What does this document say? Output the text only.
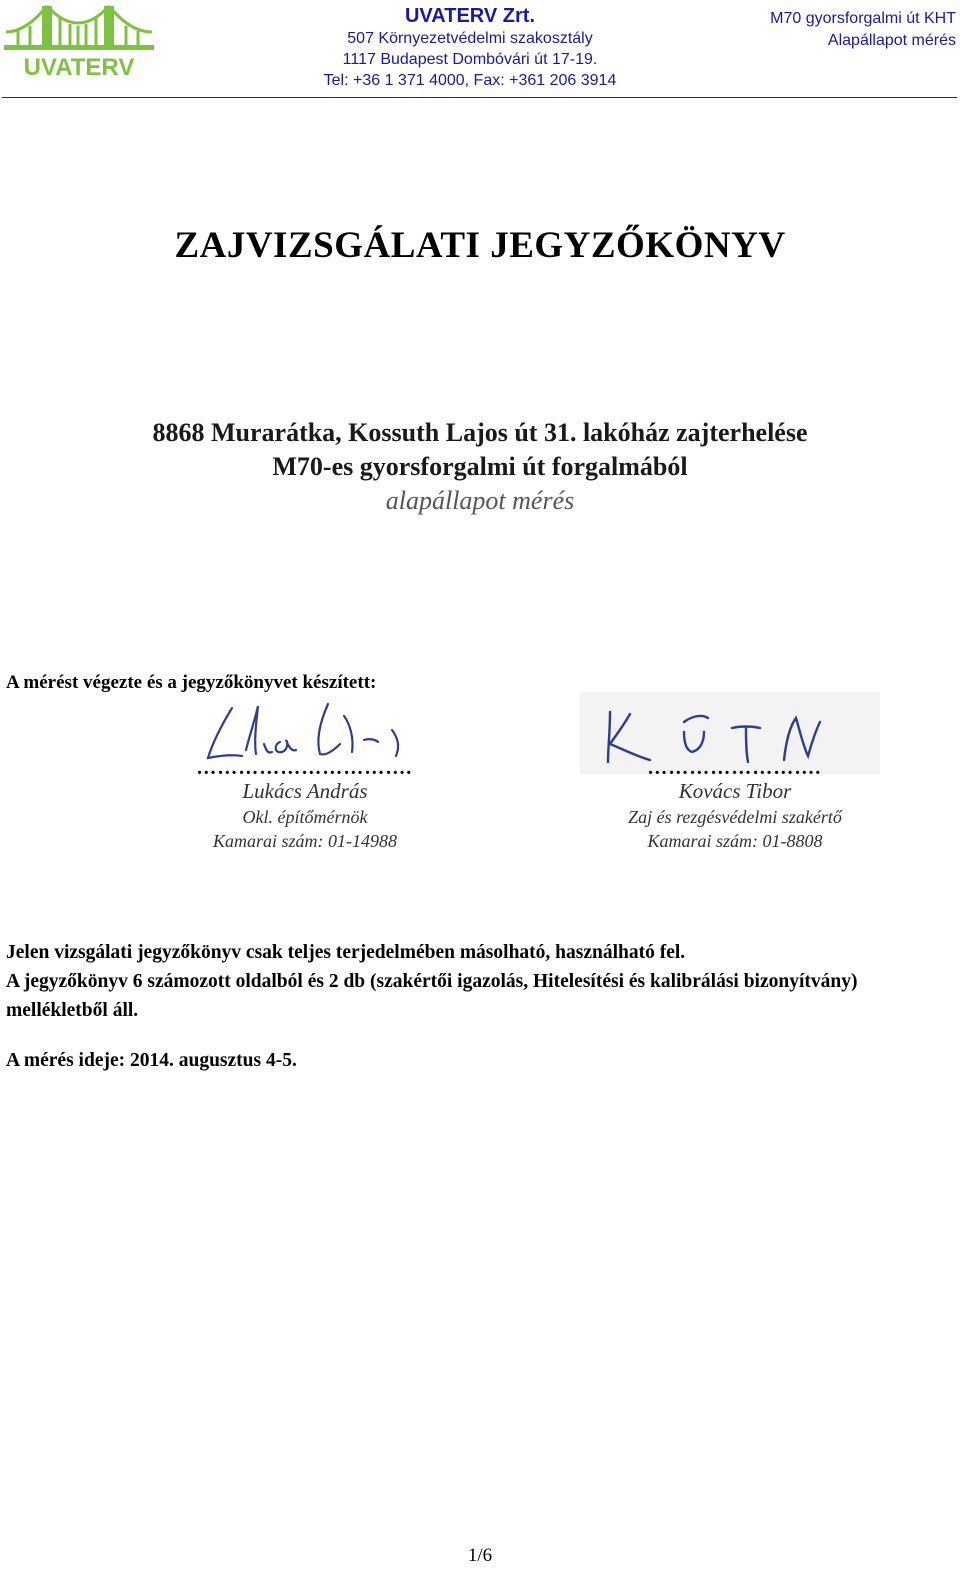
UVATERV
UVATERV Zrt.
507 Környezetvédelmi szakosztály
1117 Budapest Dombóvári út 17-19.
Tel: +36 1 371 4000, Fax: +361 206 3914
M70 gyorsforgalmi út KHT
Alapállapot mérés
ZAJVIZSGÁLATI JEGYZŐKÖNYV
8868 Murarátka, Kossuth Lajos út 31. lakóház zajterhelése
M70-es gyorsforgalmi út forgalmából
alapállapot mérés
A mérést végezte és a jegyzőkönyvet készített:
………………………….
Lukács András
Okl. építőmérnök
Kamarai szám: 01-14988
…………………….
Kovács Tibor
Zaj és rezgésvédelmi szakértő
Kamarai szám: 01-8808
Jelen vizsgálati jegyzőkönyv csak teljes terjedelmében másolható, használható fel.
A jegyzőkönyv 6 számozott oldalból és 2 db (szakértői igazolás, Hitelesítési és kalibrálási bizonyítvány) mellékletből áll.
A mérés ideje: 2014. augusztus 4-5.
1/6
